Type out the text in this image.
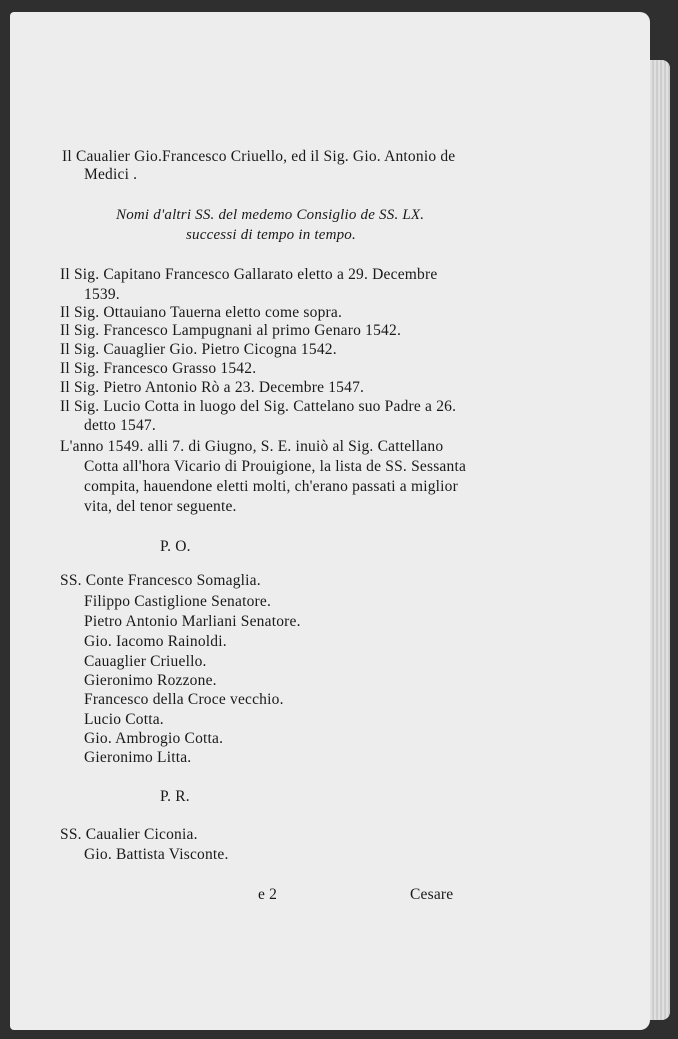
Il Caualier Gio.Francesco Criuello, ed il Sig. Gio. Antonio de
Medici .
Nomi d'altri SS. del medemo Consiglio de SS. LX.
successi di tempo in tempo.
Il Sig. Capitano Francesco Gallarato eletto a 29. Decembre
1539.
Il Sig. Ottauiano Tauerna eletto come sopra.
Il Sig. Francesco Lampugnani al primo Genaro 1542.
Il Sig. Cauaglier Gio. Pietro Cicogna 1542.
Il Sig. Francesco Grasso 1542.
Il Sig. Pietro Antonio Rò a 23. Decembre 1547.
Il Sig. Lucio Cotta in luogo del Sig. Cattelano suo Padre a 26.
detto 1547.
L'anno 1549. alli 7. di Giugno, S. E. inuiò al Sig. Cattellano
Cotta all'hora Vicario di Prouigione, la lista de SS. Sessanta
compita, hauendone eletti molti, ch'erano passati a miglior
vita, del tenor seguente.
P. O.
SS. Conte Francesco Somaglia.
Filippo Castiglione Senatore.
Pietro Antonio Marliani Senatore.
Gio. Iacomo Rainoldi.
Cauaglier Criuello.
Gieronimo Rozzone.
Francesco della Croce vecchio.
Lucio Cotta.
Gio. Ambrogio Cotta.
Gieronimo Litta.
P. R.
SS. Caualier Ciconia.
Gio. Battista Visconte.
e 2	Cesare
